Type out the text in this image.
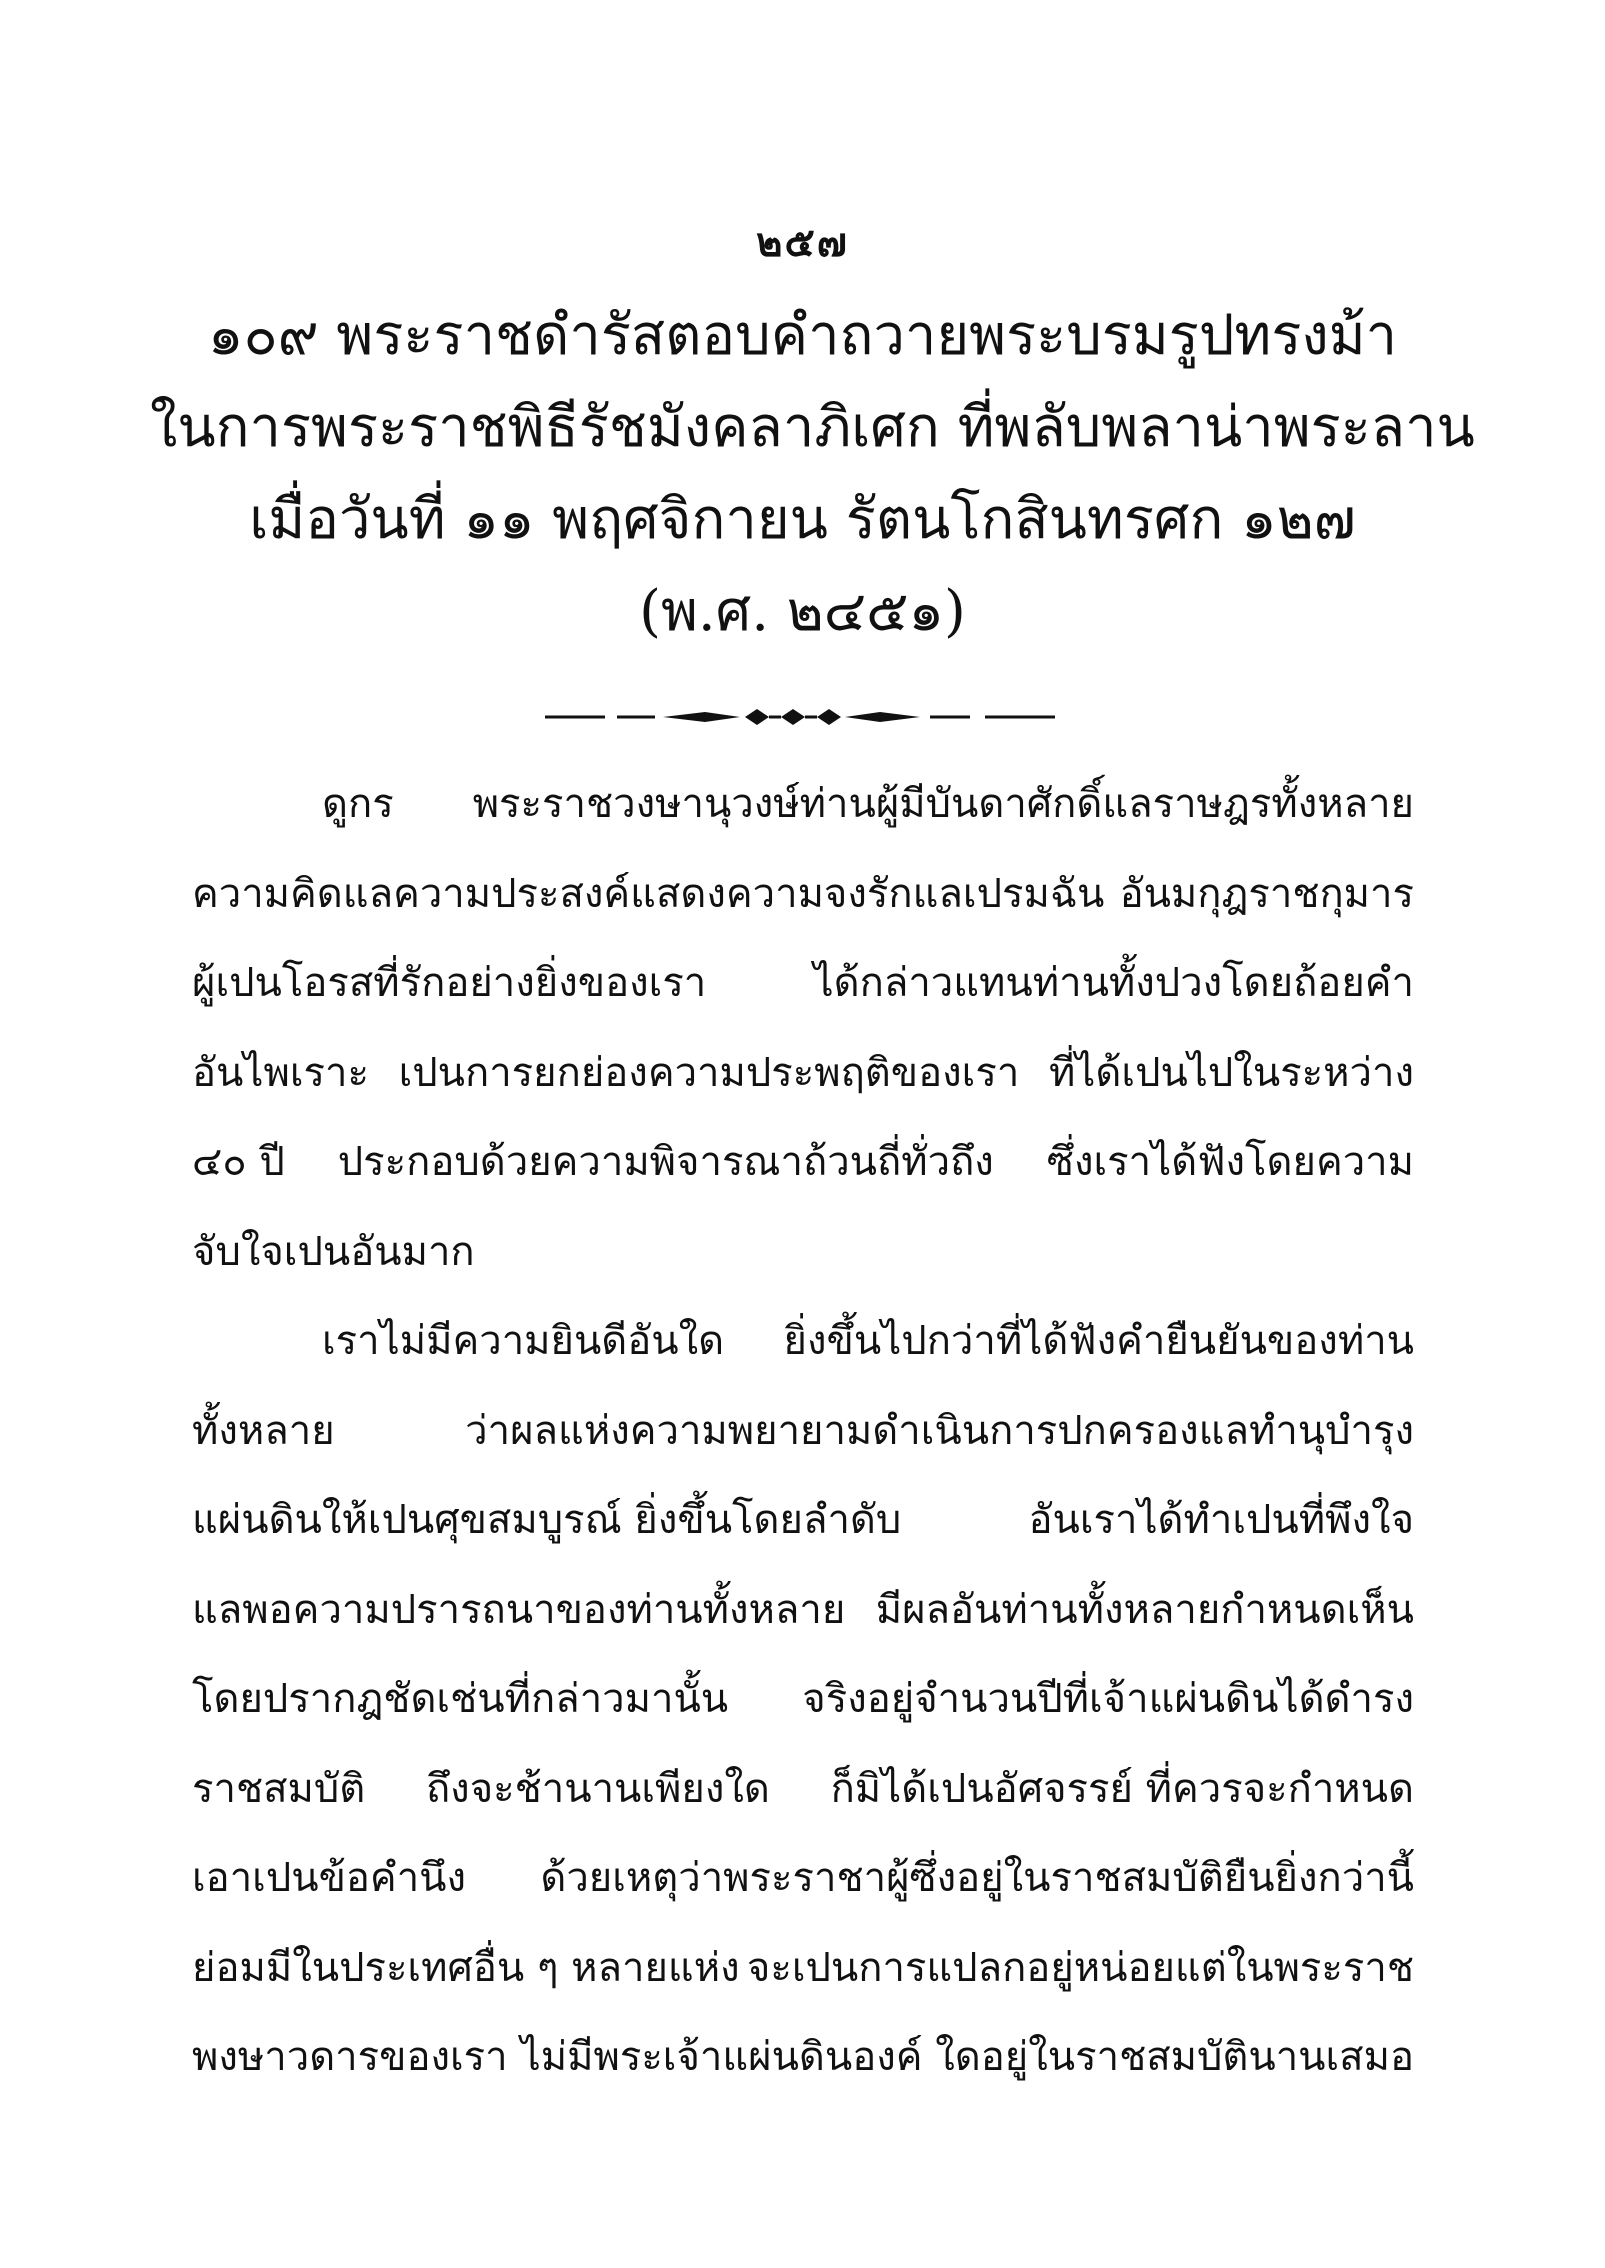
๒๕๗
๑๐๙ พระราชดำรัสตอบคำถวายพระบรมรูปทรงม้า
ในการพระราชพิธีรัชมังคลาภิเศก ที่พลับพลาน่าพระลาน
เมื่อวันที่ ๑๑ พฤศจิกายน รัตนโกสินทรศก ๑๒๗
(พ.ศ. ๒๔๕๑)
ดูกร พระราชวงษานุวงษ์ท่านผู้มีบันดาศักดิ์แลราษฎรทั้งหลาย
ความคิดแลความประสงค์แสดงความจงรักแลเปรมฉัน อันมกุฎราชกุมาร
ผู้เปนโอรสที่รักอย่างยิ่งของเรา	ได้กล่าวแทนท่านทั้งปวงโดยถ้อยคำ
อันไพเราะ เปนการยกย่องความประพฤติของเรา ที่ได้เปนไปในระหว่าง
๔๐ ปี ประกอบด้วยความพิจารณาถ้วนถี่ทั่วถึง ซึ่งเราได้ฟังโดยความ
จับใจเปนอันมาก
เราไม่มีความยินดีอันใด ยิ่งขึ้นไปกว่าที่ได้ฟังคำยืนยันของท่าน
ทั้งหลาย	ว่าผลแห่งความพยายามดำเนินการปกครองแลทำนุบำรุง
แผ่นดินให้เปนศุขสมบูรณ์ ยิ่งขึ้นโดยลำดับ	อันเราได้ทำเปนที่พึงใจ
แลพอความปรารถนาของท่านทั้งหลาย มีผลอันท่านทั้งหลายกำหนดเห็น
โดยปรากฎชัดเช่นที่กล่าวมานั้น จริงอยู่จำนวนปีที่เจ้าแผ่นดินได้ดำรง
ราชสมบัติ ถึงจะช้านานเพียงใด ก็มิได้เปนอัศจรรย์ ที่ควรจะกำหนด
เอาเปนข้อคำนึง ด้วยเหตุว่าพระราชาผู้ซึ่งอยู่ในราชสมบัติยืนยิ่งกว่านี้
ย่อมมีในประเทศอื่น ๆ หลายแห่ง จะเปนการแปลกอยู่หน่อยแต่ในพระราช
พงษาวดารของเรา ไม่มีพระเจ้าแผ่นดินองค์ ใดอยู่ในราชสมบัตินานเสมอ
